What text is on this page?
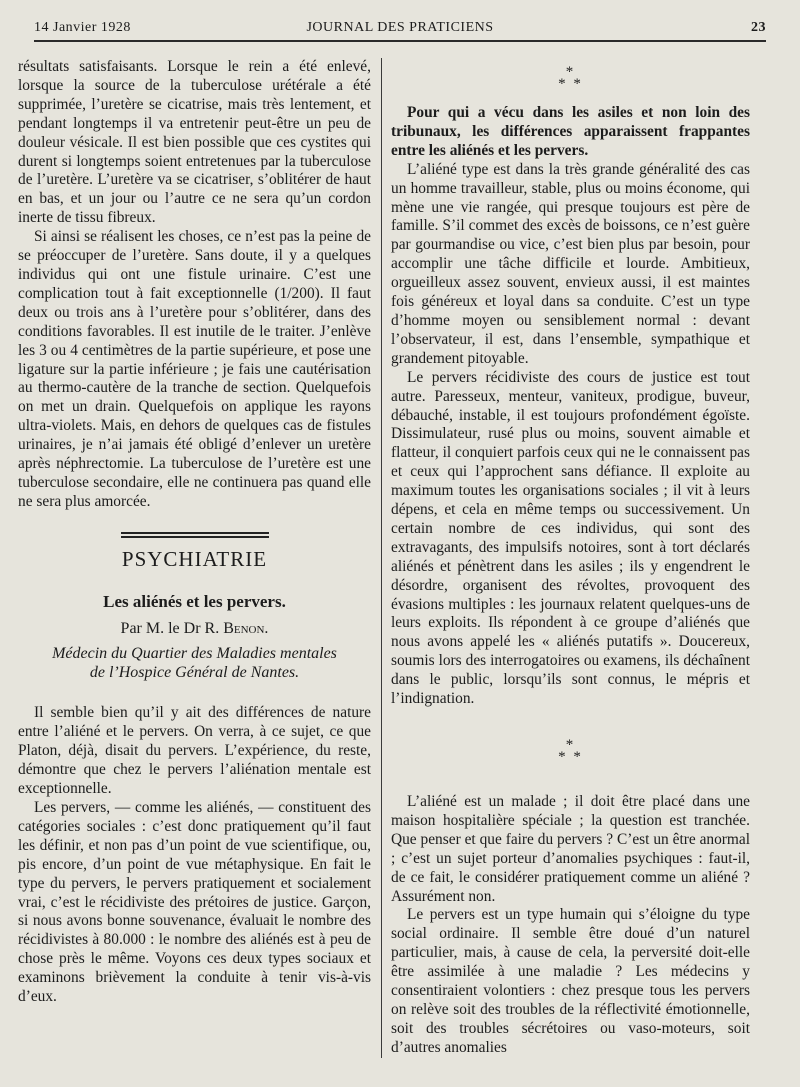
14 Janvier 1928	JOURNAL DES PRATICIENS	23

résultats satisfaisants. Lorsque le rein a été enlevé, lorsque la source de la tuberculose urétérale a été supprimée, l’uretère se cicatrise, mais très lentement, et pendant longtemps il va entretenir peut-être un peu de douleur vésicale. Il est bien possible que ces cystites qui durent si longtemps soient entretenues par la tuberculose de l’uretère. L’uretère va se cicatriser, s’oblitérer de haut en bas, et un jour ou l’autre ce ne sera qu’un cordon inerte de tissu fibreux.

Si ainsi se réalisent les choses, ce n’est pas la peine de se préoccuper de l’uretère. Sans doute, il y a quelques individus qui ont une fistule urinaire. C’est une complication tout à fait exceptionnelle (1/200). Il faut deux ou trois ans à l’uretère pour s’oblitérer, dans des conditions favorables. Il est inutile de le traiter. J’enlève les 3 ou 4 centimètres de la partie supérieure, et pose une ligature sur la partie inférieure ; je fais une cautérisation au thermo-cautère de la tranche de section. Quelquefois on met un drain. Quelquefois on applique les rayons ultra-violets. Mais, en dehors de quelques cas de fistules urinaires, je n’ai jamais été obligé d’enlever un uretère après néphrectomie. La tuberculose de l’uretère est une tuberculose secondaire, elle ne continuera pas quand elle ne sera plus amorcée.

PSYCHIATRIE
Les aliénés et les pervers.
Par M. le Dr R. Benon.
Médecin du Quartier des Maladies mentales
de l’Hospice Général de Nantes.

Il semble bien qu’il y ait des différences de nature entre l’aliéné et le pervers. On verra, à ce sujet, ce que Platon, déjà, disait du pervers. L’expérience, du reste, démontre que chez le pervers l’aliénation mentale est exceptionnelle.

Les pervers, — comme les aliénés, — constituent des catégories sociales : c’est donc pratiquement qu’il faut les définir, et non pas d’un point de vue scientifique, ou, pis encore, d’un point de vue métaphysique. En fait le type du pervers, le pervers pratiquement et socialement vrai, c’est le récidiviste des prétoires de justice. Garçon, si nous avons bonne souvenance, évaluait le nombre des récidivistes à 80.000 : le nombre des aliénés est à peu de chose près le même. Voyons ces deux types sociaux et examinons brièvement la conduite à tenir vis-à-vis d’eux.

*
* *

Pour qui a vécu dans les asiles et non loin des tribunaux, les différences apparaissent frappantes entre les aliénés et les pervers.

L’aliéné type est dans la très grande généralité des cas un homme travailleur, stable, plus ou moins économe, qui mène une vie rangée, qui presque toujours est père de famille. S’il commet des excès de boissons, ce n’est guère par gourmandise ou vice, c’est bien plus par besoin, pour accomplir une tâche difficile et lourde. Ambitieux, orgueilleux assez souvent, envieux aussi, il est maintes fois généreux et loyal dans sa conduite. C’est un type d’homme moyen ou sensiblement normal : devant l’observateur, il est, dans l’ensemble, sympathique et grandement pitoyable.

Le pervers récidiviste des cours de justice est tout autre. Paresseux, menteur, vaniteux, prodigue, buveur, débauché, instable, il est toujours profondément égoïste. Dissimulateur, rusé plus ou moins, souvent aimable et flatteur, il conquiert parfois ceux qui ne le connaissent pas et ceux qui l’approchent sans défiance. Il exploite au maximum toutes les organisations sociales ; il vit à leurs dépens, et cela en même temps ou successivement. Un certain nombre de ces individus, qui sont des extravagants, des impulsifs notoires, sont à tort déclarés aliénés et pénètrent dans les asiles ; ils y engendrent le désordre, organisent des révoltes, provoquent des évasions multiples : les journaux relatent quelques-uns de leurs exploits. Ils répondent à ce groupe d’aliénés que nous avons appelé les « aliénés putatifs ». Doucereux, soumis lors des interrogatoires ou examens, ils déchaînent dans le public, lorsqu’ils sont connus, le mépris et l’indignation.

*
* *

L’aliéné est un malade ; il doit être placé dans une maison hospitalière spéciale ; la question est tranchée. Que penser et que faire du pervers ? C’est un être anormal ; c’est un sujet porteur d’anomalies psychiques : faut-il, de ce fait, le considérer pratiquement comme un aliéné ? Assurément non.

Le pervers est un type humain qui s’éloigne du type social ordinaire. Il semble être doué d’un naturel particulier, mais, à cause de cela, la perversité doit-elle être assimilée à une maladie ? Les médecins y consentiraient volontiers : chez presque tous les pervers on relève soit des troubles de la réflectivité émotionnelle, soit des troubles sécrétoires ou vaso-moteurs, soit d’autres anomalies
